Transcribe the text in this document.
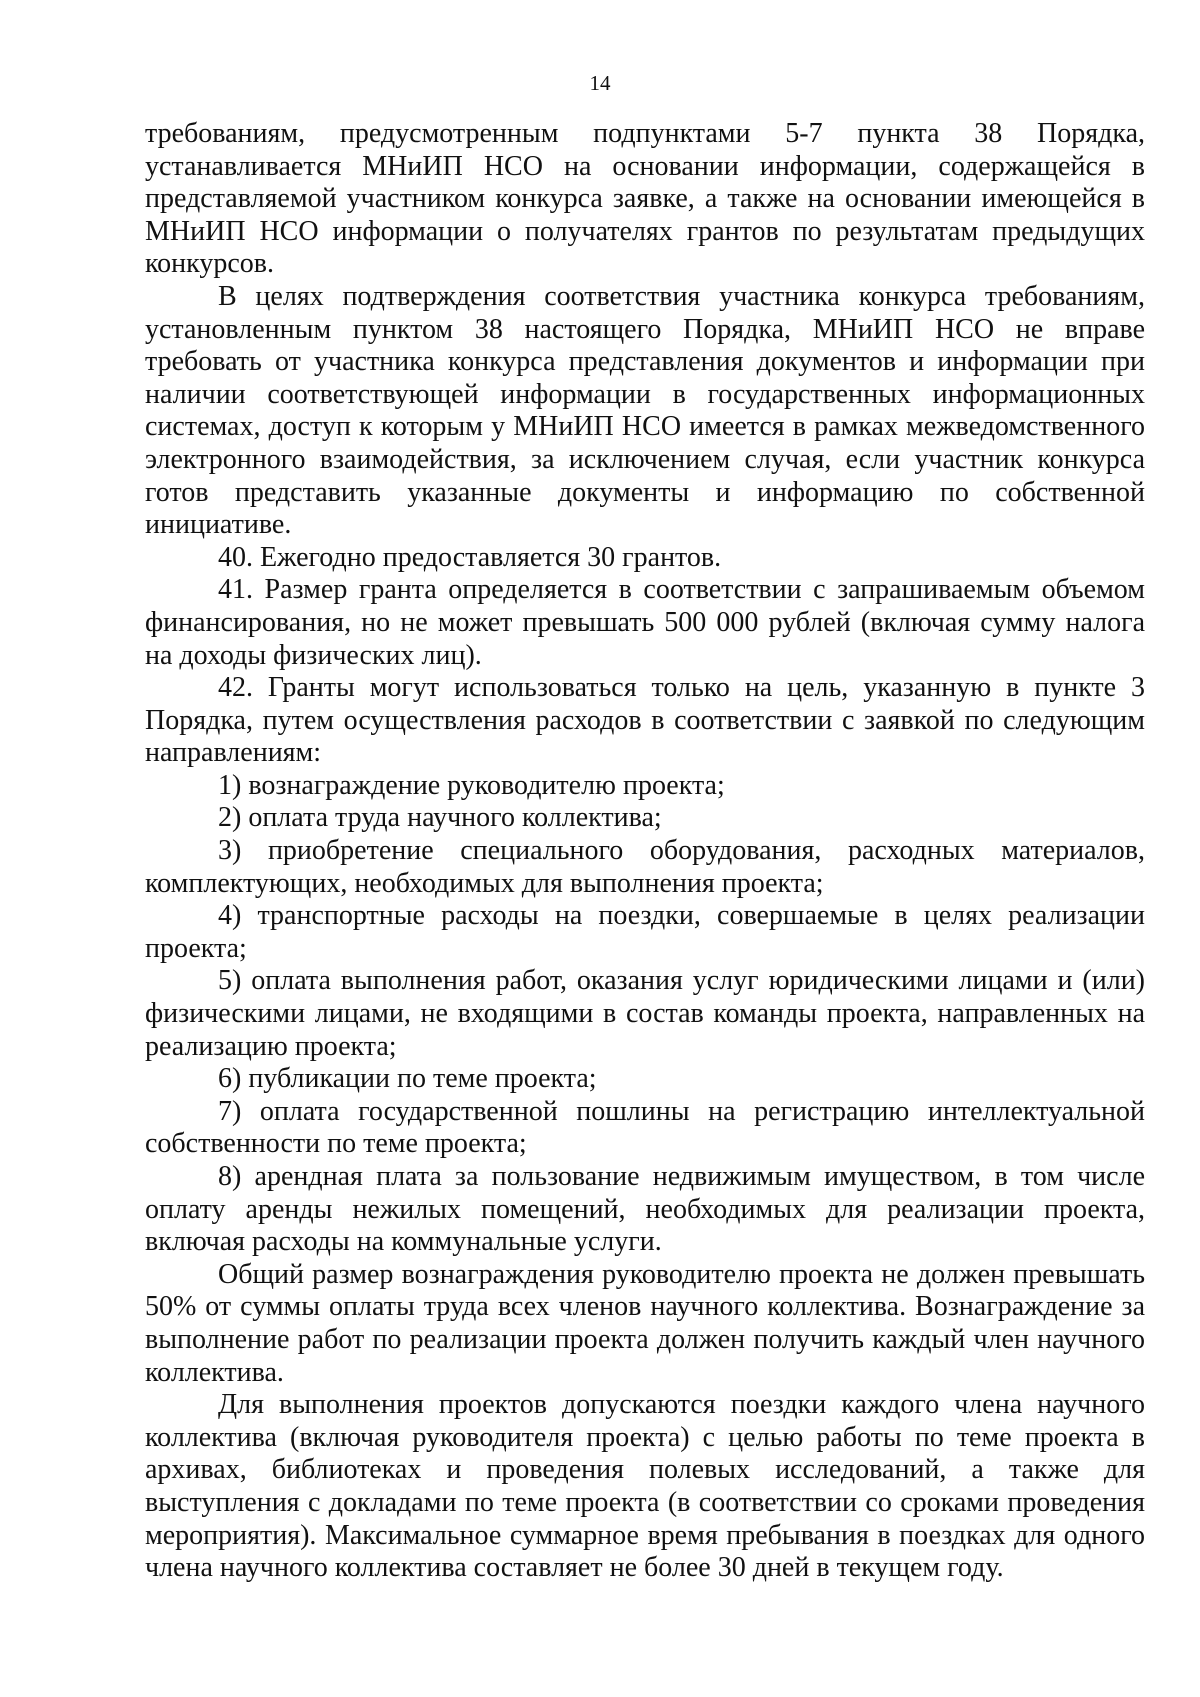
14

требованиям, предусмотренным подпунктами 5-7 пункта 38 Порядка, устанавливается МНиИП НСО на основании информации, содержащейся в представляемой участником конкурса заявке, а также на основании имеющейся в МНиИП НСО информации о получателях грантов по результатам предыдущих конкурсов.

В целях подтверждения соответствия участника конкурса требованиям, установленным пунктом 38 настоящего Порядка, МНиИП НСО не вправе требовать от участника конкурса представления документов и информации при наличии соответствующей информации в государственных информационных системах, доступ к которым у МНиИП НСО имеется в рамках межведомственного электронного взаимодействия, за исключением случая, если участник конкурса готов представить указанные документы и информацию по собственной инициативе.

40. Ежегодно предоставляется 30 грантов.

41. Размер гранта определяется в соответствии с запрашиваемым объемом финансирования, но не может превышать 500 000 рублей (включая сумму налога на доходы физических лиц).

42. Гранты могут использоваться только на цель, указанную в пункте 3 Порядка, путем осуществления расходов в соответствии с заявкой по следующим направлениям:

1) вознаграждение руководителю проекта;

2) оплата труда научного коллектива;

3) приобретение специального оборудования, расходных материалов, комплектующих, необходимых для выполнения проекта;

4) транспортные расходы на поездки, совершаемые в целях реализации проекта;

5) оплата выполнения работ, оказания услуг юридическими лицами и (или) физическими лицами, не входящими в состав команды проекта, направленных на реализацию проекта;

6) публикации по теме проекта;

7) оплата государственной пошлины на регистрацию интеллектуальной собственности по теме проекта;

8) арендная плата за пользование недвижимым имуществом, в том числе оплату аренды нежилых помещений, необходимых для реализации проекта, включая расходы на коммунальные услуги.

Общий размер вознаграждения руководителю проекта не должен превышать 50% от суммы оплаты труда всех членов научного коллектива. Вознаграждение за выполнение работ по реализации проекта должен получить каждый член научного коллектива.

Для выполнения проектов допускаются поездки каждого члена научного коллектива (включая руководителя проекта) с целью работы по теме проекта в архивах, библиотеках и проведения полевых исследований, а также для выступления с докладами по теме проекта (в соответствии со сроками проведения мероприятия). Максимальное суммарное время пребывания в поездках для одного члена научного коллектива составляет не более 30 дней в текущем году.
